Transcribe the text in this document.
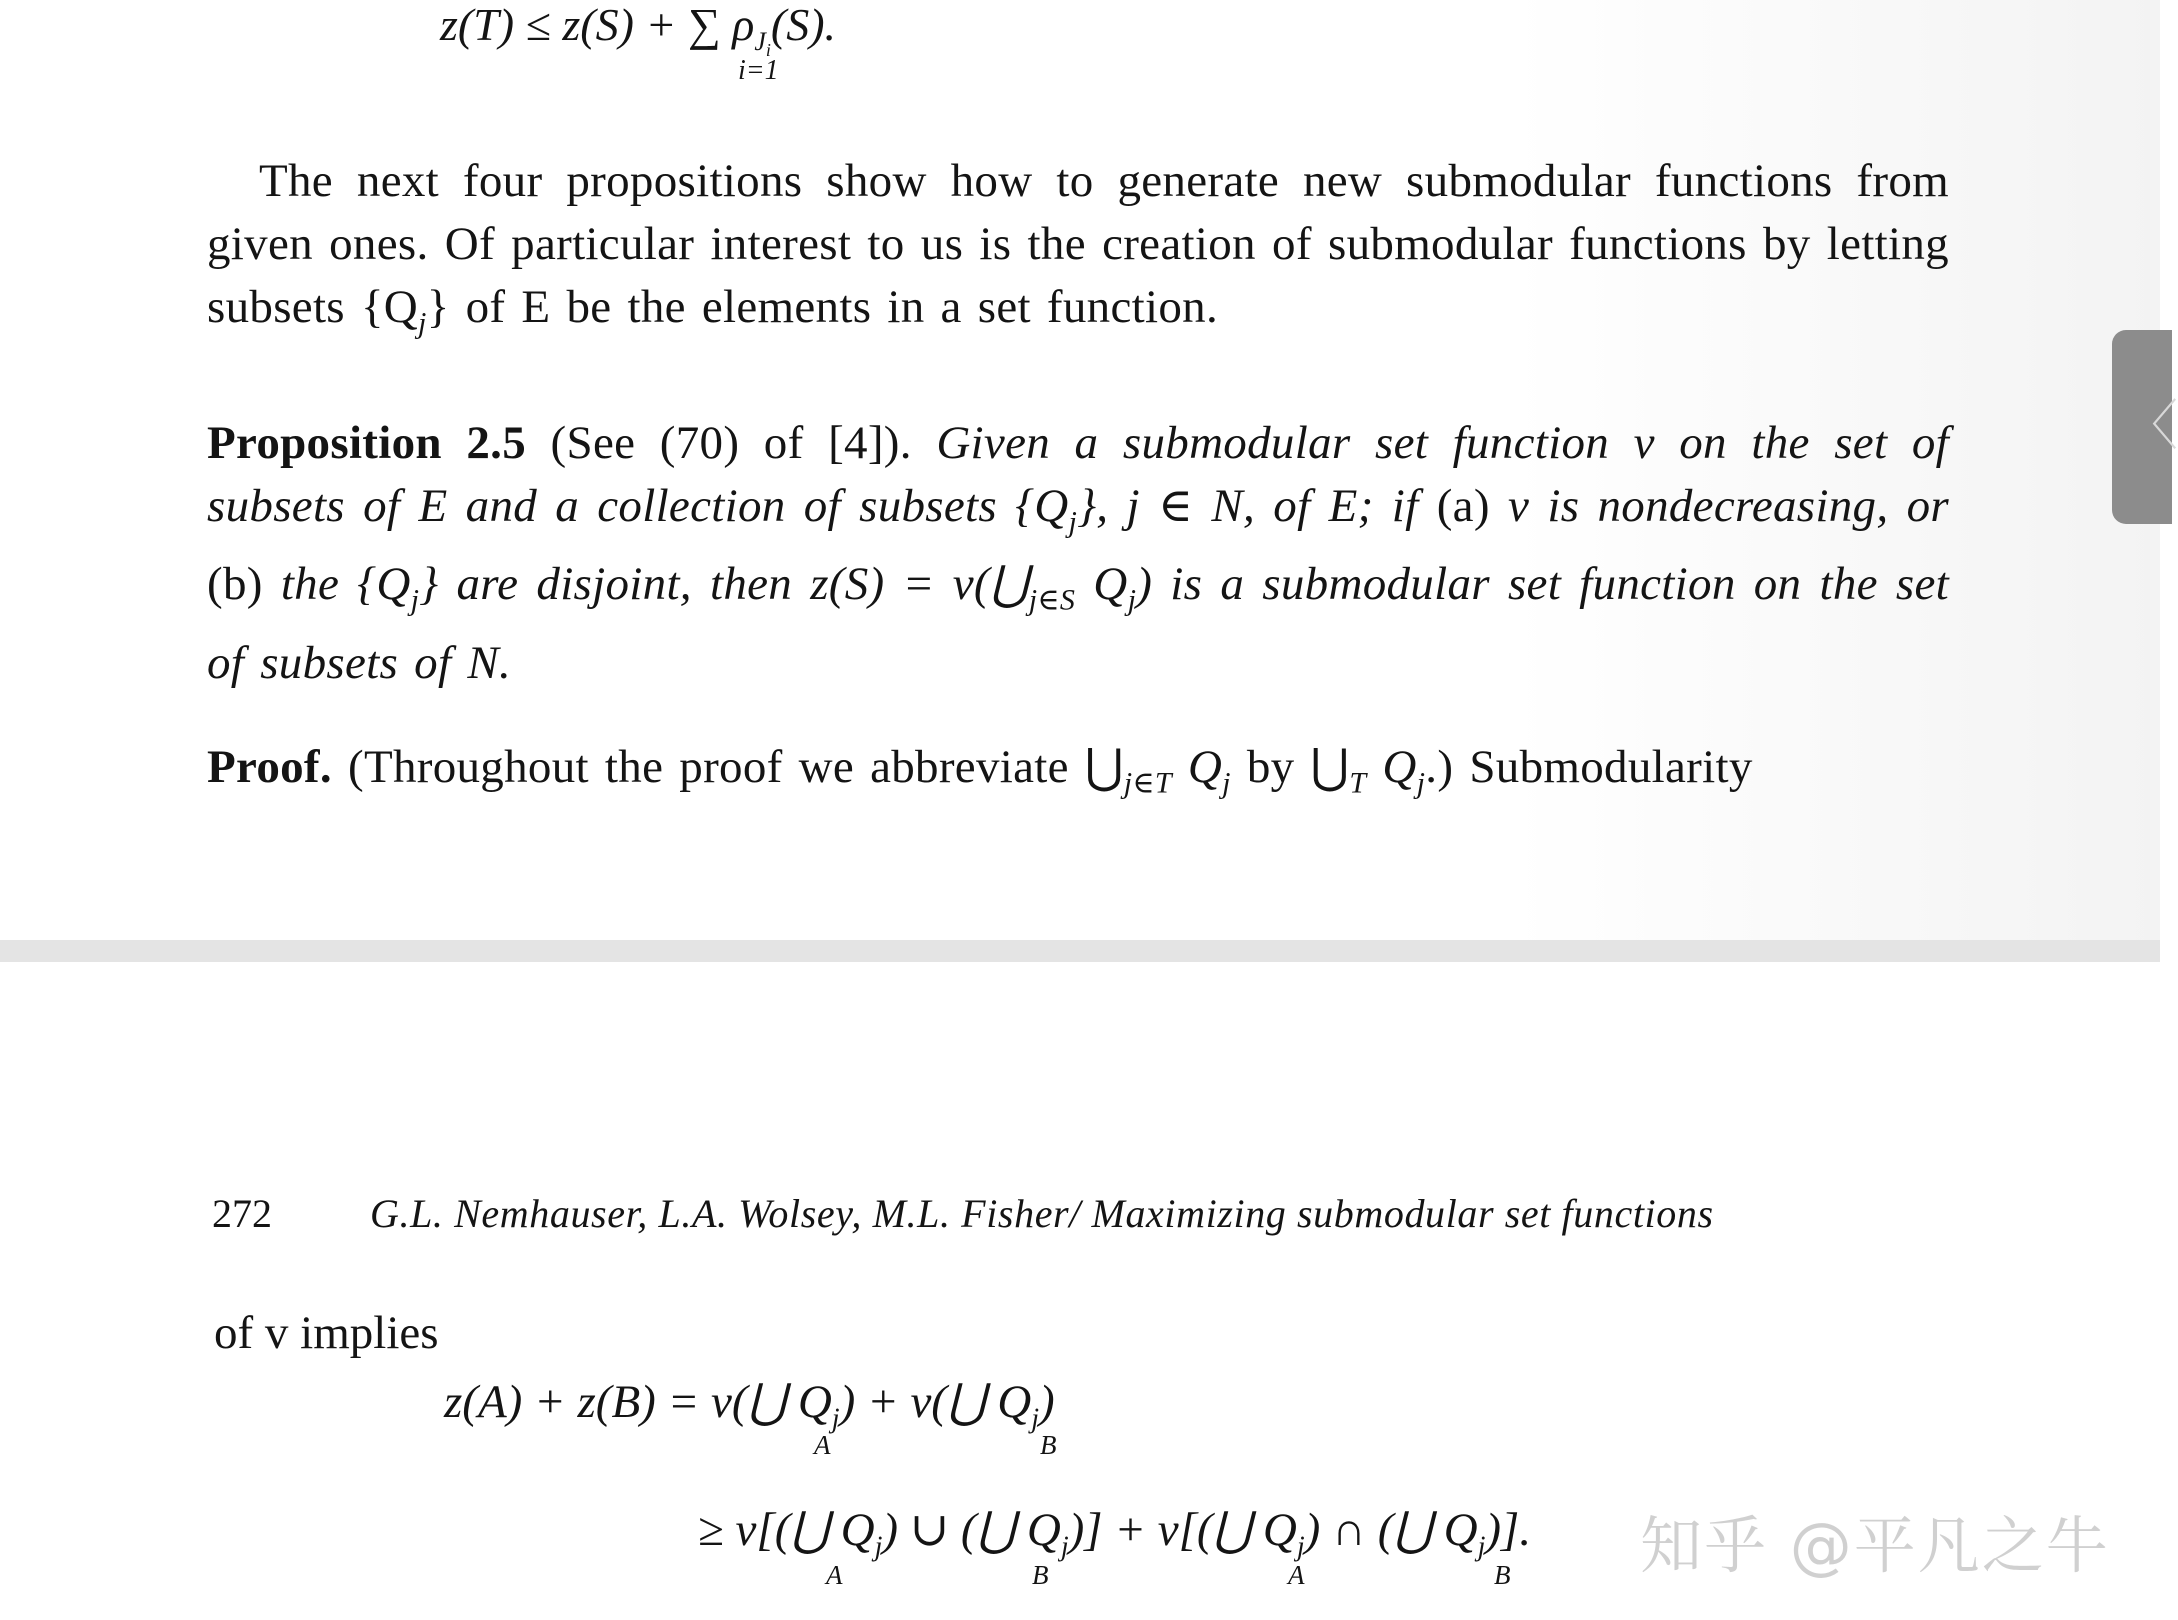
z(T) ≤ z(S) + ∑ $\rho_{J_i}(S)$.
i=1
The next four propositions show how to generate new submodular functions from given ones. Of particular interest to us is the creation of submodular functions by letting subsets $\{Q_j\}$ of E be the elements in a set function.
Proposition 2.5 (See (70) of [4]). Given a submodular set function v on the set of subsets of E and a collection of subsets $\{Q_j\}$, j ∈ N, of E; if (a) v is nondecreasing, or (b) the $\{Q_j\}$ are disjoint, then $z(S) = v(⋃_{j\in S}$ $Q_j$) is a submodular set function on the set of subsets of N.
Proof. (Throughout the proof we abbreviate $⋃_{j\in T}$ $Q_j$ by $⋃_T$ $Q_j$.) Submodularity
272 G.L. Nemhauser, L.A. Wolsey, M.L. Fisher/ Maximizing submodular set functions
of v implies
z(A) + z(B) = v(⋃ $Q_j$) + v(⋃ $Q_j$)
A	B
≥ v[(⋃ $Q_j$) ∪ (⋃ $Q_j$)] + v[(⋃ $Q_j$) ∩ (⋃ $Q_j$)].
A	B	A	B
〈
知乎 @平凡之牛
